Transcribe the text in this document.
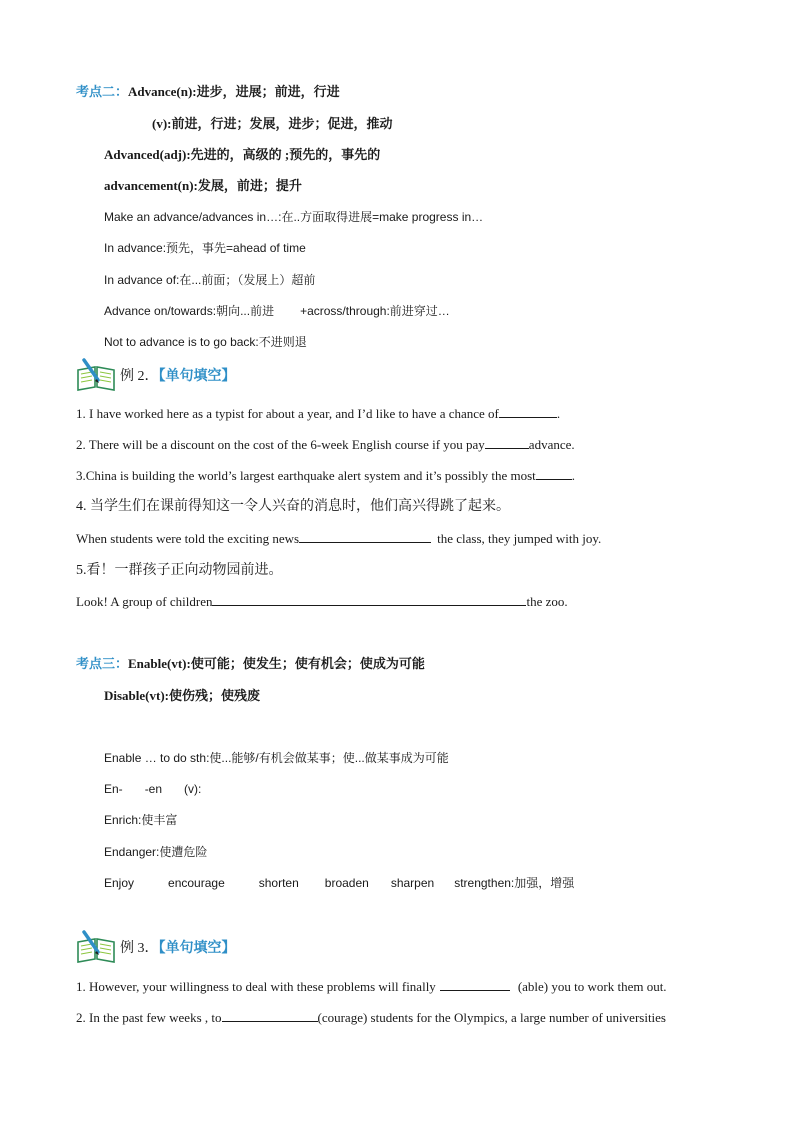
考点二：Advance(n):进步，进展；前进，行进
(v):前进，行进；发展，进步；促进，推动
Advanced(adj):先进的，高级的 ;预先的，事先的
advancement(n):发展，前进；提升
Make an advance/advances in…:在..方面取得进展=make progress in…
In advance:预先，事先=ahead of time
In advance of:在...前面；（发展上）超前
Advance on/towards:朝向...前进 +across/through:前进穿过…
Not to advance is to go back:不进则退
例 2．【单句填空】
1. I have worked here as a typist for about a year, and I’d like to have a chance of	.
2. There will be a discount on the cost of the 6-week English course if you pay	advance.
3.China is building the world’s largest earthquake alert system and it’s possibly the most	.
4. 当学生们在课前得知这一令人兴奋的消息时，他们高兴得跳了起来。
When students were told the exciting news	the class, they jumped with joy.
5.看！一群孩子正向动物园前进。
Look! A group of children	the zoo.
考点三：Enable(vt):使可能；使发生；使有机会；使成为可能
Disable(vt):使伤残；使残废
Enable … to do sth:使...能够/有机会做某事；使...做某事成为可能
En- -en (v):
Enrich:使丰富
Endanger:使遭危险
Enjoy	encourage	shorten broaden sharpen strengthen:加强，增强
例 3．【单句填空】
1. However, your willingness to deal with these problems will finally	(able) you to work them out.
2. In the past few weeks , to	(courage) students for the Olympics, a large number of universities
